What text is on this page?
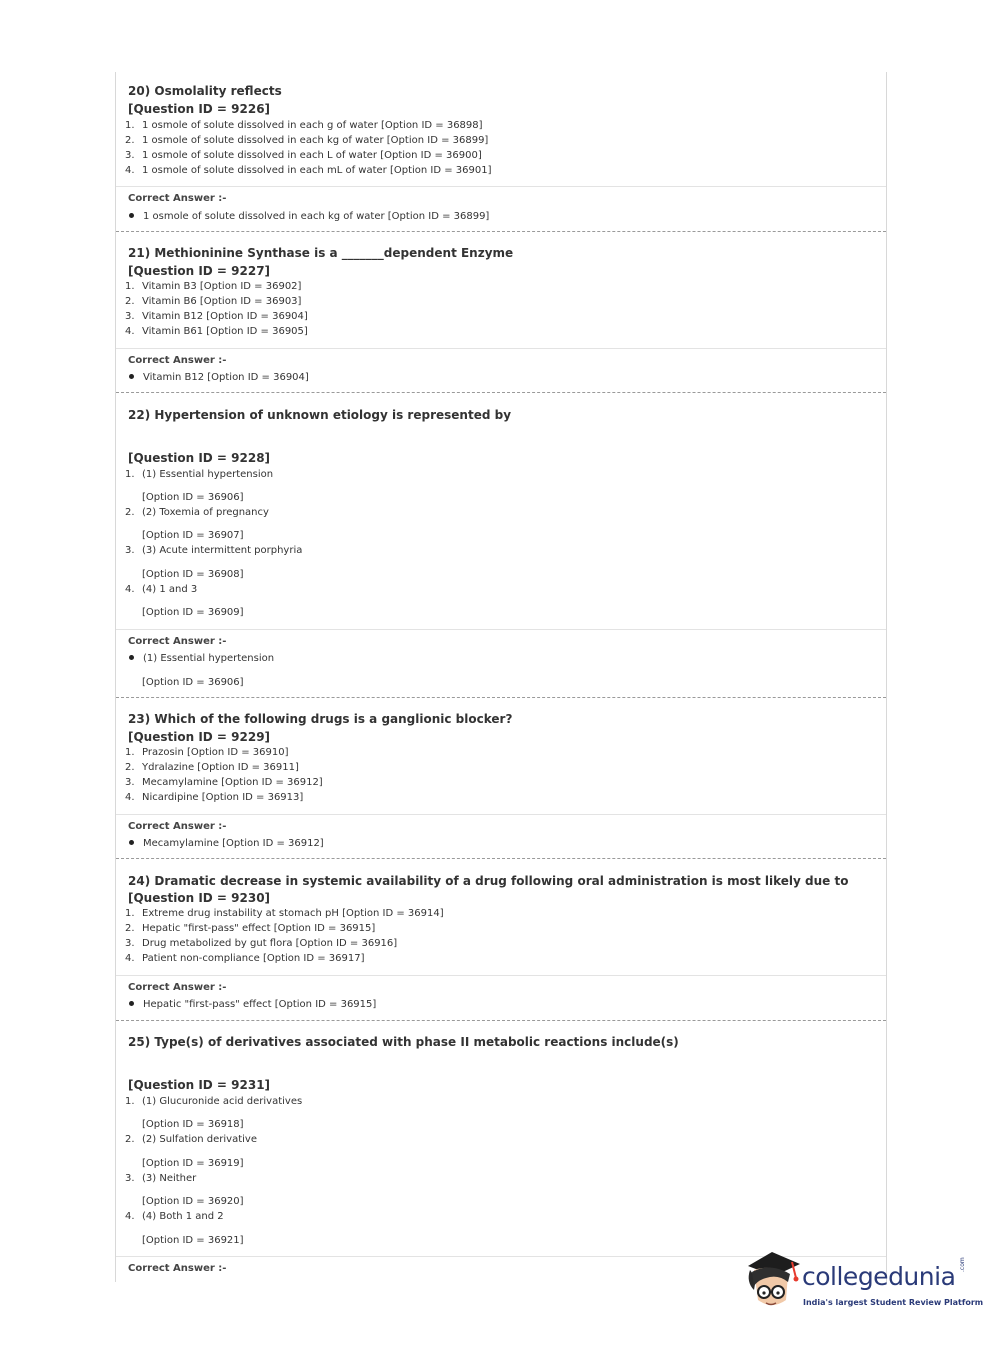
20) Osmolality reflects
[Question ID = 9226]
1. 1 osmole of solute dissolved in each g of water [Option ID = 36898]
2. 1 osmole of solute dissolved in each kg of water [Option ID = 36899]
3. 1 osmole of solute dissolved in each L of water [Option ID = 36900]
4. 1 osmole of solute dissolved in each mL of water [Option ID = 36901]
Correct Answer :-
1 osmole of solute dissolved in each kg of water [Option ID = 36899]
21) Methioninine Synthase is a _______dependent Enzyme
[Question ID = 9227]
1. Vitamin B3 [Option ID = 36902]
2. Vitamin B6 [Option ID = 36903]
3. Vitamin B12 [Option ID = 36904]
4. Vitamin B61 [Option ID = 36905]
Correct Answer :-
Vitamin B12 [Option ID = 36904]
22) Hypertension of unknown etiology is represented by
[Question ID = 9228]
1. (1) Essential hypertension
[Option ID = 36906]
2. (2) Toxemia of pregnancy
[Option ID = 36907]
3. (3) Acute intermittent porphyria
[Option ID = 36908]
4. (4) 1 and 3
[Option ID = 36909]
Correct Answer :-
(1) Essential hypertension
[Option ID = 36906]
23) Which of the following drugs is a ganglionic blocker?
[Question ID = 9229]
1. Prazosin [Option ID = 36910]
2. Ydralazine [Option ID = 36911]
3. Mecamylamine [Option ID = 36912]
4. Nicardipine [Option ID = 36913]
Correct Answer :-
Mecamylamine [Option ID = 36912]
24) Dramatic decrease in systemic availability of a drug following oral administration is most likely due to
[Question ID = 9230]
1. Extreme drug instability at stomach pH [Option ID = 36914]
2. Hepatic "first-pass" effect [Option ID = 36915]
3. Drug metabolized by gut flora [Option ID = 36916]
4. Patient non-compliance [Option ID = 36917]
Correct Answer :-
Hepatic "first-pass" effect [Option ID = 36915]
25) Type(s) of derivatives associated with phase II metabolic reactions include(s)
[Question ID = 9231]
1. (1) Glucuronide acid derivatives
[Option ID = 36918]
2. (2) Sulfation derivative
[Option ID = 36919]
3. (3) Neither
[Option ID = 36920]
4. (4) Both 1 and 2
[Option ID = 36921]
Correct Answer :-	collegedunia .com
India's largest Student Review Platform
